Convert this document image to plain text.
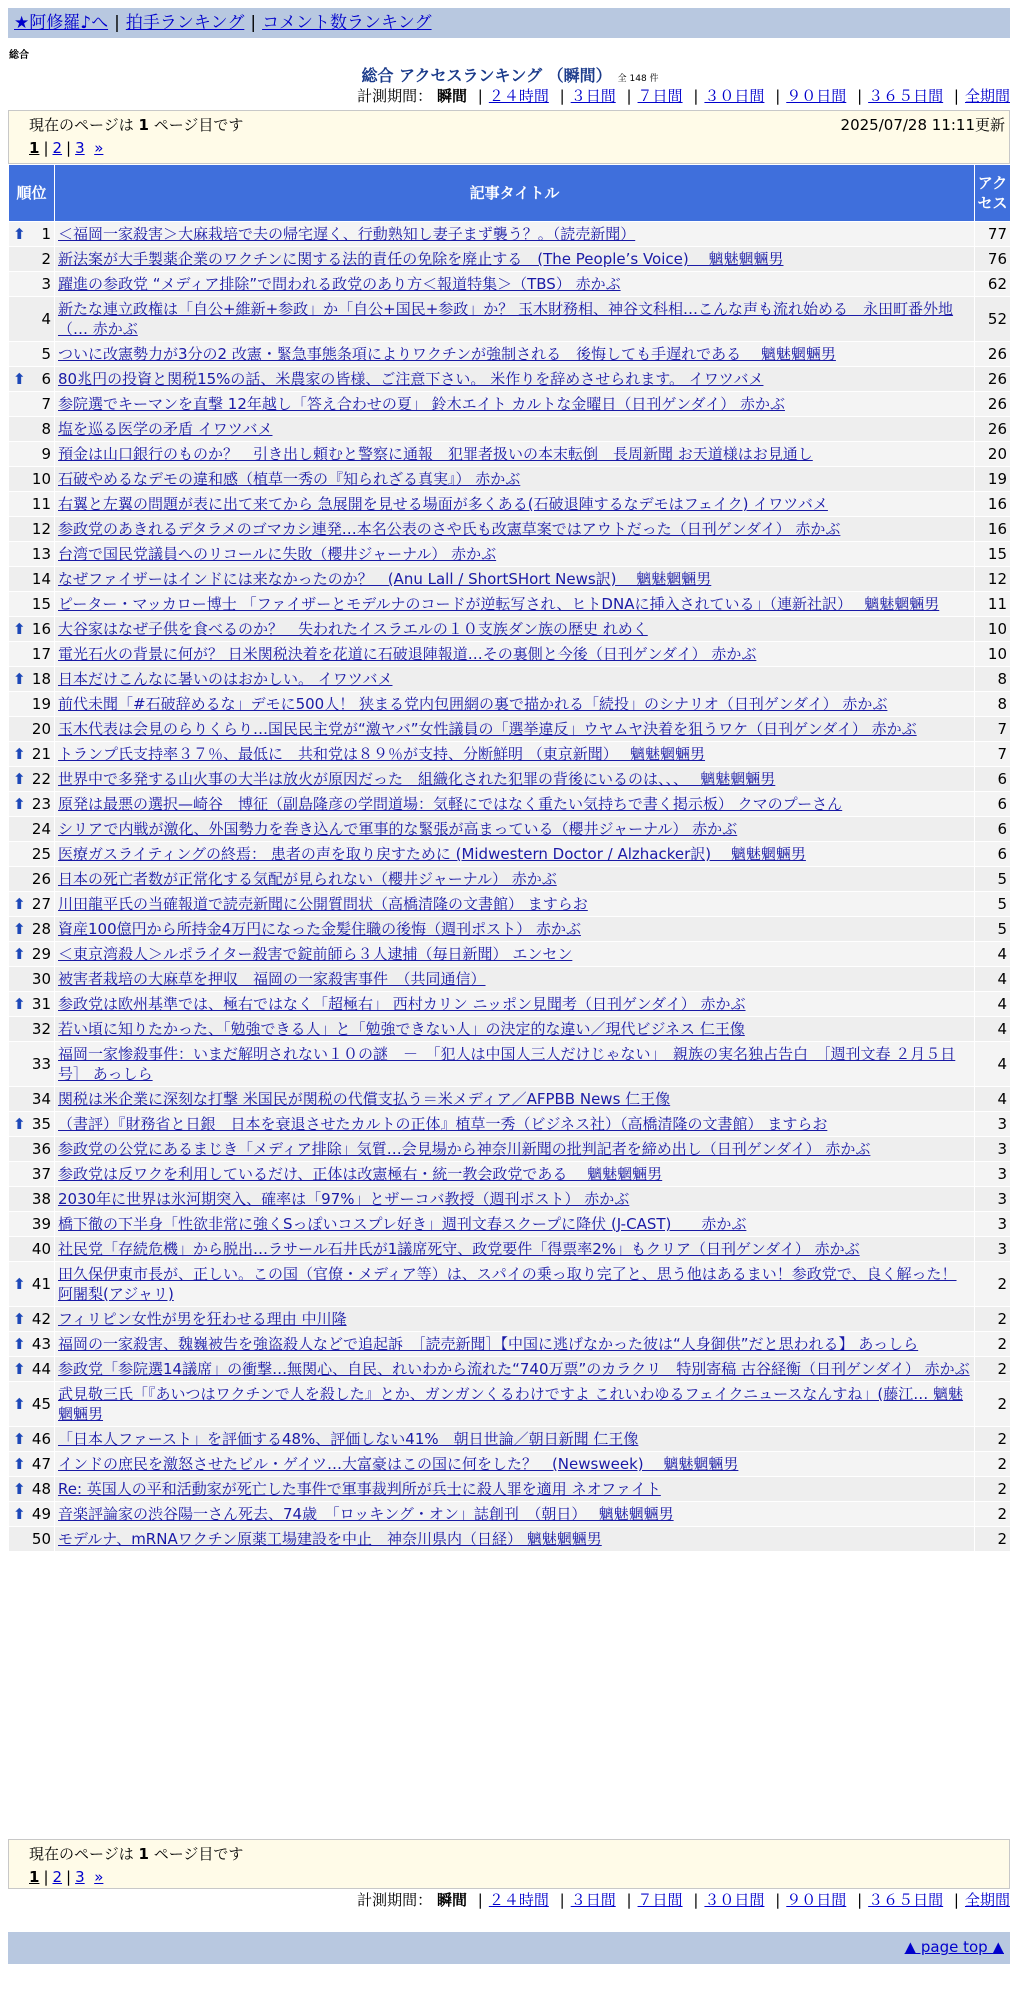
★阿修羅♪へ | 拍手ランキング | コメント数ランキング
総合
総合 アクセスランキング （瞬間） 全 148 件
計測期間： 瞬間 | ２４時間 | ３日間 | ７日間 | ３０日間 | ９０日間 | ３６５日間 | 全期間
現在のページは 1 ページ目です	2025/07/28 11:11更新
1 | 2 | 3 »
順位	記事タイトル	アクセス

⬆ 1	＜福岡一家殺害＞大麻栽培で夫の帰宅遅く、行動熟知し妻子まず襲う？。（読売新聞）	77
2	新法案が大手製薬企業のワクチンに関する法的責任の免除を廃止する　(The People’s Voice)　 魑魅魍魎男	76
3	躍進の参政党 “メディア排除”で問われる政党のあり方＜報道特集＞（TBS） 赤かぶ	62
4	新たな連立政権は「自公+維新+参政」か「自公+国民+参政」か？ 玉木財務相、神谷文科相…こんな声も流れ始める　永田町番外地（… 赤かぶ	52
5	ついに改憲勢力が3分の2 改憲・緊急事態条項によりワクチンが強制される　後悔しても手遅れである　 魑魅魍魎男	26

⬆ 6	80兆円の投資と関税15%の話、米農家の皆様、ご注意下さい。 米作りを辞めさせられます。 イワツバメ	26
7	参院選でキーマンを直撃 12年越し「答え合わせの夏」 鈴木エイト カルトな金曜日（日刊ゲンダイ） 赤かぶ	26
8	塩を巡る医学の矛盾 イワツバメ	26
9	預金は山口銀行のものか？　引き出し頼むと警察に通報　犯罪者扱いの本末転倒　長周新聞 お天道様はお見通し	20
10	石破やめるなデモの違和感（植草一秀の『知られざる真実』） 赤かぶ	19
11	右翼と左翼の問題が表に出て来てから 急展開を見せる場面が多くある(石破退陣するなデモはフェイク) イワツバメ	16
12	参政党のあきれるデタラメのゴマカシ連発…本名公表のさや氏も改憲草案ではアウトだった（日刊ゲンダイ） 赤かぶ	16
13	台湾で国民党議員へのリコールに失敗（櫻井ジャーナル） 赤かぶ	15
14	なぜファイザーはインドには来なかったのか？　(Anu Lall / ShortSHort News訳)　 魑魅魍魎男	12
15	ピーター・マッカロー博士 「ファイザーとモデルナのコードが逆転写され、ヒトDNAに挿入されている」（連新社訳）　 魑魅魍魎男	11

⬆ 16	大谷家はなぜ子供を食べるのか？　失われたイスラエルの１０支族ダン族の歴史 れめく	10
17	電光石火の背景に何が？ 日米関税決着を花道に石破退陣報道…その裏側と今後（日刊ゲンダイ） 赤かぶ	10

⬆ 18	日本だけこんなに暑いのはおかしい。 イワツバメ	8
19	前代未聞「#石破辞めるな」デモに500人！ 狭まる党内包囲網の裏で描かれる「続投」のシナリオ（日刊ゲンダイ） 赤かぶ	8
20	玉木代表は会見のらりくらり…国民民主党が“激ヤバ”女性議員の「選挙違反」ウヤムヤ決着を狙うワケ（日刊ゲンダイ） 赤かぶ	7

⬆ 21	トランプ氏支持率３７％、最低に　共和党は８９％が支持、分断鮮明 （東京新聞）　 魑魅魍魎男	7

⬆ 22	世界中で多発する山火事の大半は放火が原因だった　組織化された犯罪の背後にいるのは、、、　 魑魅魍魎男	6

⬆ 23	原発は最悪の選択—崎谷　博征（副島隆彦の学問道場：気軽にではなく重たい気持ちで書く掲示板） クマのプーさん	6
24	シリアで内戦が激化、外国勢力を巻き込んで軍事的な緊張が高まっている（櫻井ジャーナル） 赤かぶ	6
25	医療ガスライティングの終焉： 患者の声を取り戻すために (Midwestern Doctor / Alzhacker訳)　 魑魅魍魎男	6
26	日本の死亡者数が正常化する気配が見られない（櫻井ジャーナル） 赤かぶ	5

⬆ 27	川田龍平氏の当確報道で読売新聞に公開質問状（高橋清隆の文書館） ますらお	5

⬆ 28	資産100億円から所持金4万円になった金髪住職の後悔（週刊ポスト） 赤かぶ	5

⬆ 29	＜東京湾殺人＞ルポライター殺害で錠前師ら３人逮捕（毎日新聞） エンセン	4
30	被害者栽培の大麻草を押収　福岡の一家殺害事件　（共同通信）	4

⬆ 31	参政党は欧州基準では、極右ではなく「超極右」 西村カリン ニッポン見聞考（日刊ゲンダイ） 赤かぶ	4
32	若い頃に知りたかった、「勉強できる人」と「勉強できない人」の決定的な違い／現代ビジネス 仁王像	4
33	福岡一家惨殺事件：いまだ解明されない１０の謎　－　「犯人は中国人三人だけじゃない」　親族の実名独占告白　［週刊文春 ２月５日号］ あっしら	4
34	関税は米企業に深刻な打撃 米国民が関税の代償支払う＝米メディア／AFPBB News 仁王像	4

⬆ 35	（書評）『財務省と日銀　日本を衰退させたカルトの正体』植草一秀（ビジネス社）（高橋清隆の文書館） ますらお	3
36	参政党の公党にあるまじき「メディア排除」気質…会見場から神奈川新聞の批判記者を締め出し（日刊ゲンダイ） 赤かぶ	3
37	参政党は反ワクを利用しているだけ、正体は改憲極右・統一教会政党である　 魑魅魍魎男	3
38	2030年に世界は氷河期突入、確率は「97%」とザーコバ教授（週刊ポスト） 赤かぶ	3
39	橋下徹の下半身「性欲非常に強くSっぽいコスプレ好き」週刊文春スクープに降伏 (J-CAST)　　赤かぶ	3
40	社民党「存続危機」から脱出…ラサール石井氏が1議席死守、政党要件「得票率2%」もクリア（日刊ゲンダイ） 赤かぶ	3

⬆ 41	田久保伊東市長が、正しい。この国（官僚・メディア等）は、スパイの乗っ取り完了と、思う他はあるまい！参政党で、良く解った！ 阿闍梨(アジャリ)	2

⬆ 42	フィリピン女性が男を狂わせる理由 中川隆	2

⬆ 43	福岡の一家殺害、魏巍被告を強盗殺人などで追起訴　［読売新聞］【中国に逃げなかった彼は“人身御供”だと思われる】 あっしら	2

⬆ 44	参政党「参院選14議席」の衝撃…無関心、自民、れいわから流れた“740万票”のカラクリ　特別寄稿 古谷経衡（日刊ゲンダイ） 赤かぶ	2

⬆ 45	武見敬三氏「『あいつはワクチンで人を殺した』とか、ガンガンくるわけですよ これいわゆるフェイクニュースなんすね」(藤江… 魑魅魍魎男	2

⬆ 46	「日本人ファースト」を評価する48%、評価しない41%　朝日世論／朝日新聞 仁王像	2

⬆ 47	インドの庶民を激怒させたビル・ゲイツ…大富豪はこの国に何をした？　(Newsweek)　 魑魅魍魎男	2

⬆ 48	Re: 英国人の平和活動家が死亡した事件で軍事裁判所が兵士に殺人罪を適用 ネオファイト	2

⬆ 49	音楽評論家の渋谷陽一さん死去、74歳　「ロッキング・オン」誌創刊　（朝日）　 魑魅魍魎男	2
50	モデルナ、mRNAワクチン原薬工場建設を中止　神奈川県内（日経） 魑魅魍魎男	2
現在のページは 1 ページ目です
1 | 2 | 3 »
計測期間： 瞬間 | ２４時間 | ３日間 | ７日間 | ３０日間 | ９０日間 | ３６５日間 | 全期間
▲ page top ▲
